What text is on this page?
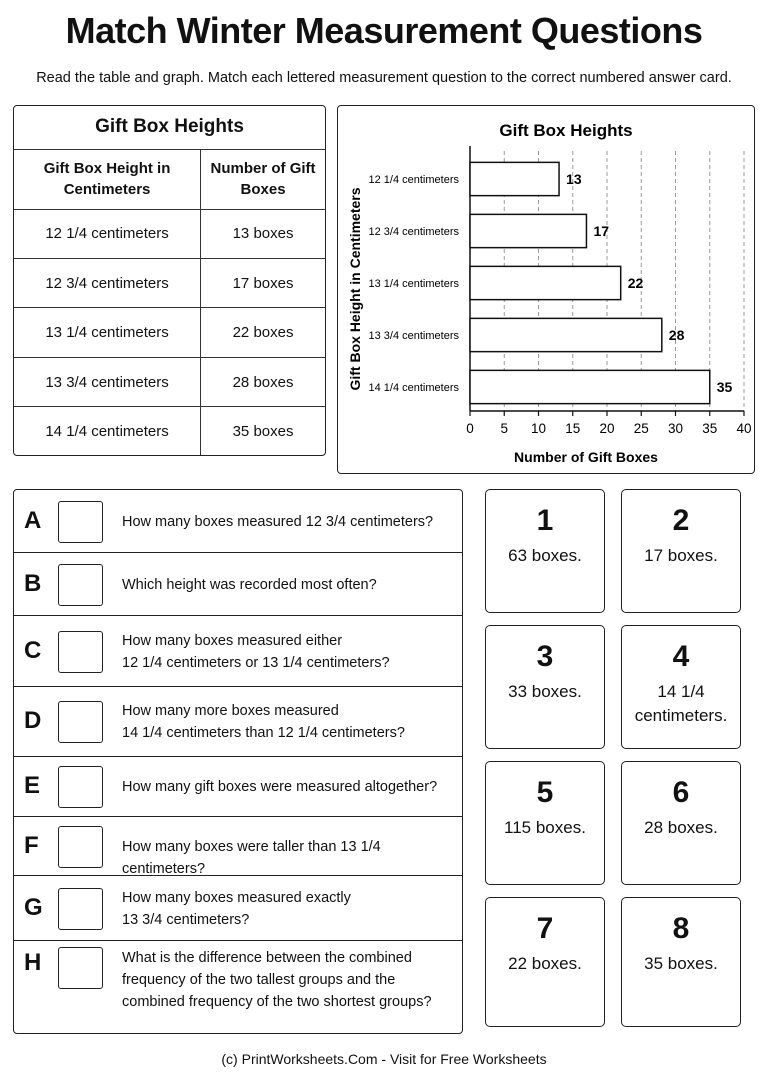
Match Winter Measurement Questions
Read the table and graph. Match each lettered measurement question to the correct numbered answer card.
Gift Box Heights	
Gift Box Height in Centimeters	Number of Gift Boxes
12 1/4 centimeters	13 boxes
12 3/4 centimeters	17 boxes
13 1/4 centimeters	22 boxes
13 3/4 centimeters	28 boxes
14 1/4 centimeters	35 boxes	0 5 10 15 20 25 30 35 40
12 1/4 centimeters	13
12 3/4 centimeters	17
13 1/4 centimeters	22
13 3/4 centimeters	28
14 1/4 centimeters	35
Gift Box Heights
Number of Gift Boxes
Gift Box Height in Centimeters
A	How many boxes measured 12 3/4 centimeters?
B	Which height was recorded most often?
C	How many boxes measured either
12 1/4 centimeters or 13 1/4 centimeters?
D	How many more boxes measured
14 1/4 centimeters than 12 1/4 centimeters?
E	How many gift boxes were measured altogether?
F	How many boxes were taller than 13 1/4 centimeters?
G	How many boxes measured exactly
13 3/4 centimeters?
H	What is the difference between the combined
frequency of the two tallest groups and the
combined frequency of the two shortest groups?
1
63 boxes.
2
17 boxes.
3
33 boxes.
4
14 1/4
centimeters.
5
115 boxes.
6
28 boxes.
7
22 boxes.
8
35 boxes.
(c) PrintWorksheets.Com - Visit for Free Worksheets
